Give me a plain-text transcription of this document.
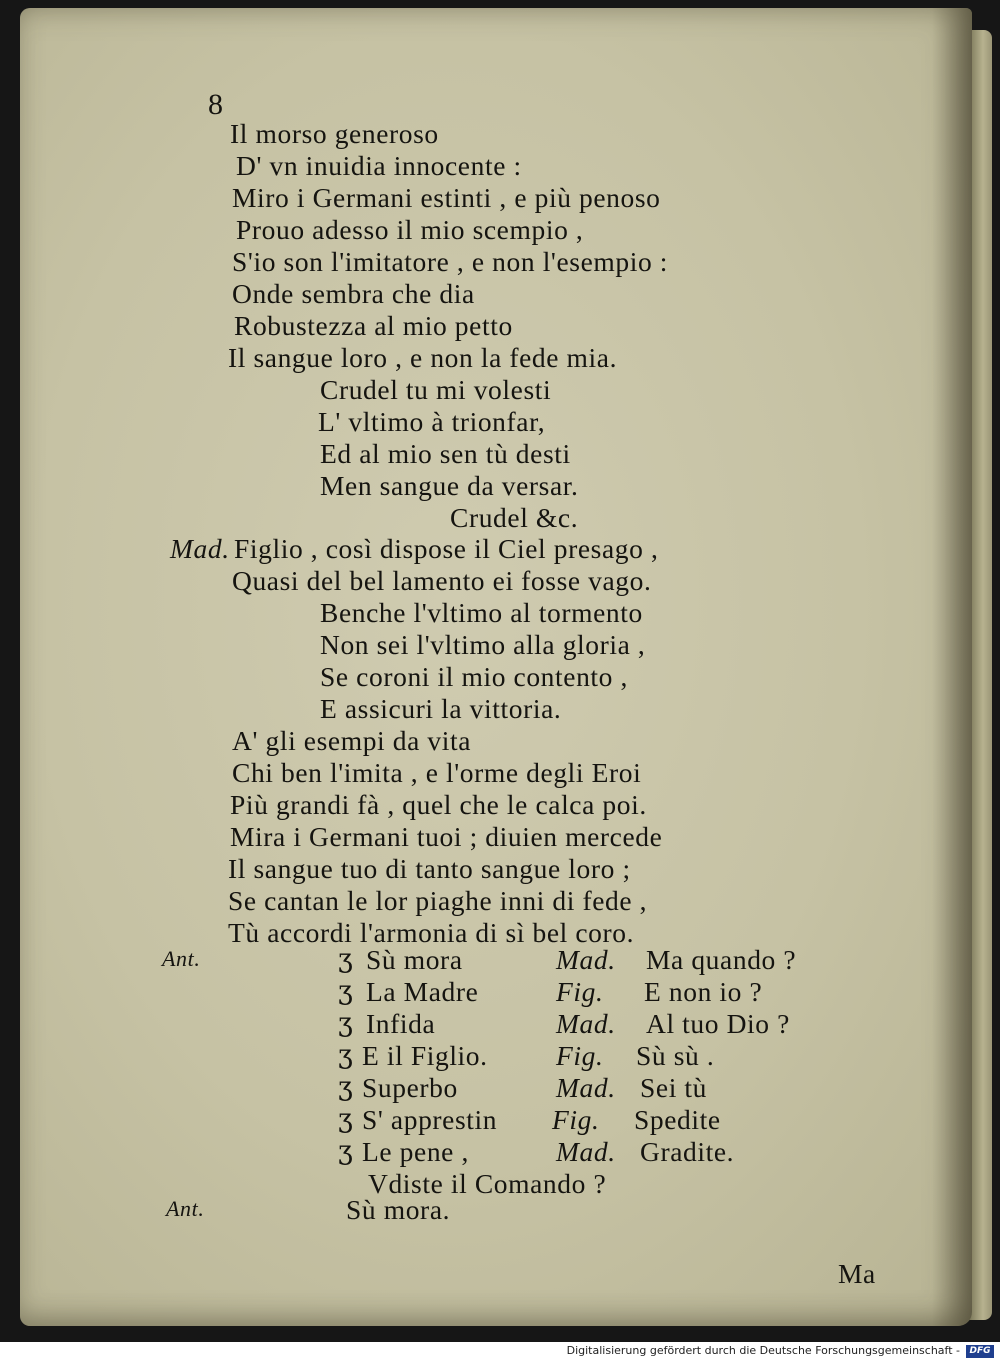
8
Il morso generoso
D' vn inuidia innocente :
Miro i Germani estinti , e più penoso
Prouo adesso il mio scempio ,
S'io son l'imitatore , e non l'esempio :
Onde sembra che dia
Robustezza al mio petto
Il sangue loro , e non la fede mia.
Crudel tu mi volesti
L' vltimo à trionfar,
Ed al mio sen tù desti
Men sangue da versar.
Crudel &c.
Mad. Figlio , così dispose il Ciel presago ,
Quasi del bel lamento ei fosse vago.
Benche l'vltimo al tormento
Non sei l'vltimo alla gloria ,
Se coroni il mio contento ,
E assicuri la vittoria.
A' gli esempi da vita
Chi ben l'imita , e l'orme degli Eroi
Più grandi fà , quel che le calca poi.
Mira i Germani tuoi ; diuien mercede
Il sangue tuo di tanto sangue loro ;
Se cantan le lor piaghe inni di fede ,
Tù accordi l'armonia di sì bel coro.
Ant.	ʒ Sù mora	Mad. Ma quando ?
ʒ La Madre	Fig. E non io ?
ʒ Infida	Mad. Al tuo Dio ?
ʒ E il Figlio. Fig. Sù sù .
ʒ Superbo	Mad. Sei tù
ʒ S' apprestin Fig. Spedite
ʒ Le pene ,	Mad. Gradite.
Vdiste il Comando ?
Ant.	Sù mora.
Ma
Digitalisierung gefördert durch die Deutsche Forschungsgemeinschaft -	DFG
